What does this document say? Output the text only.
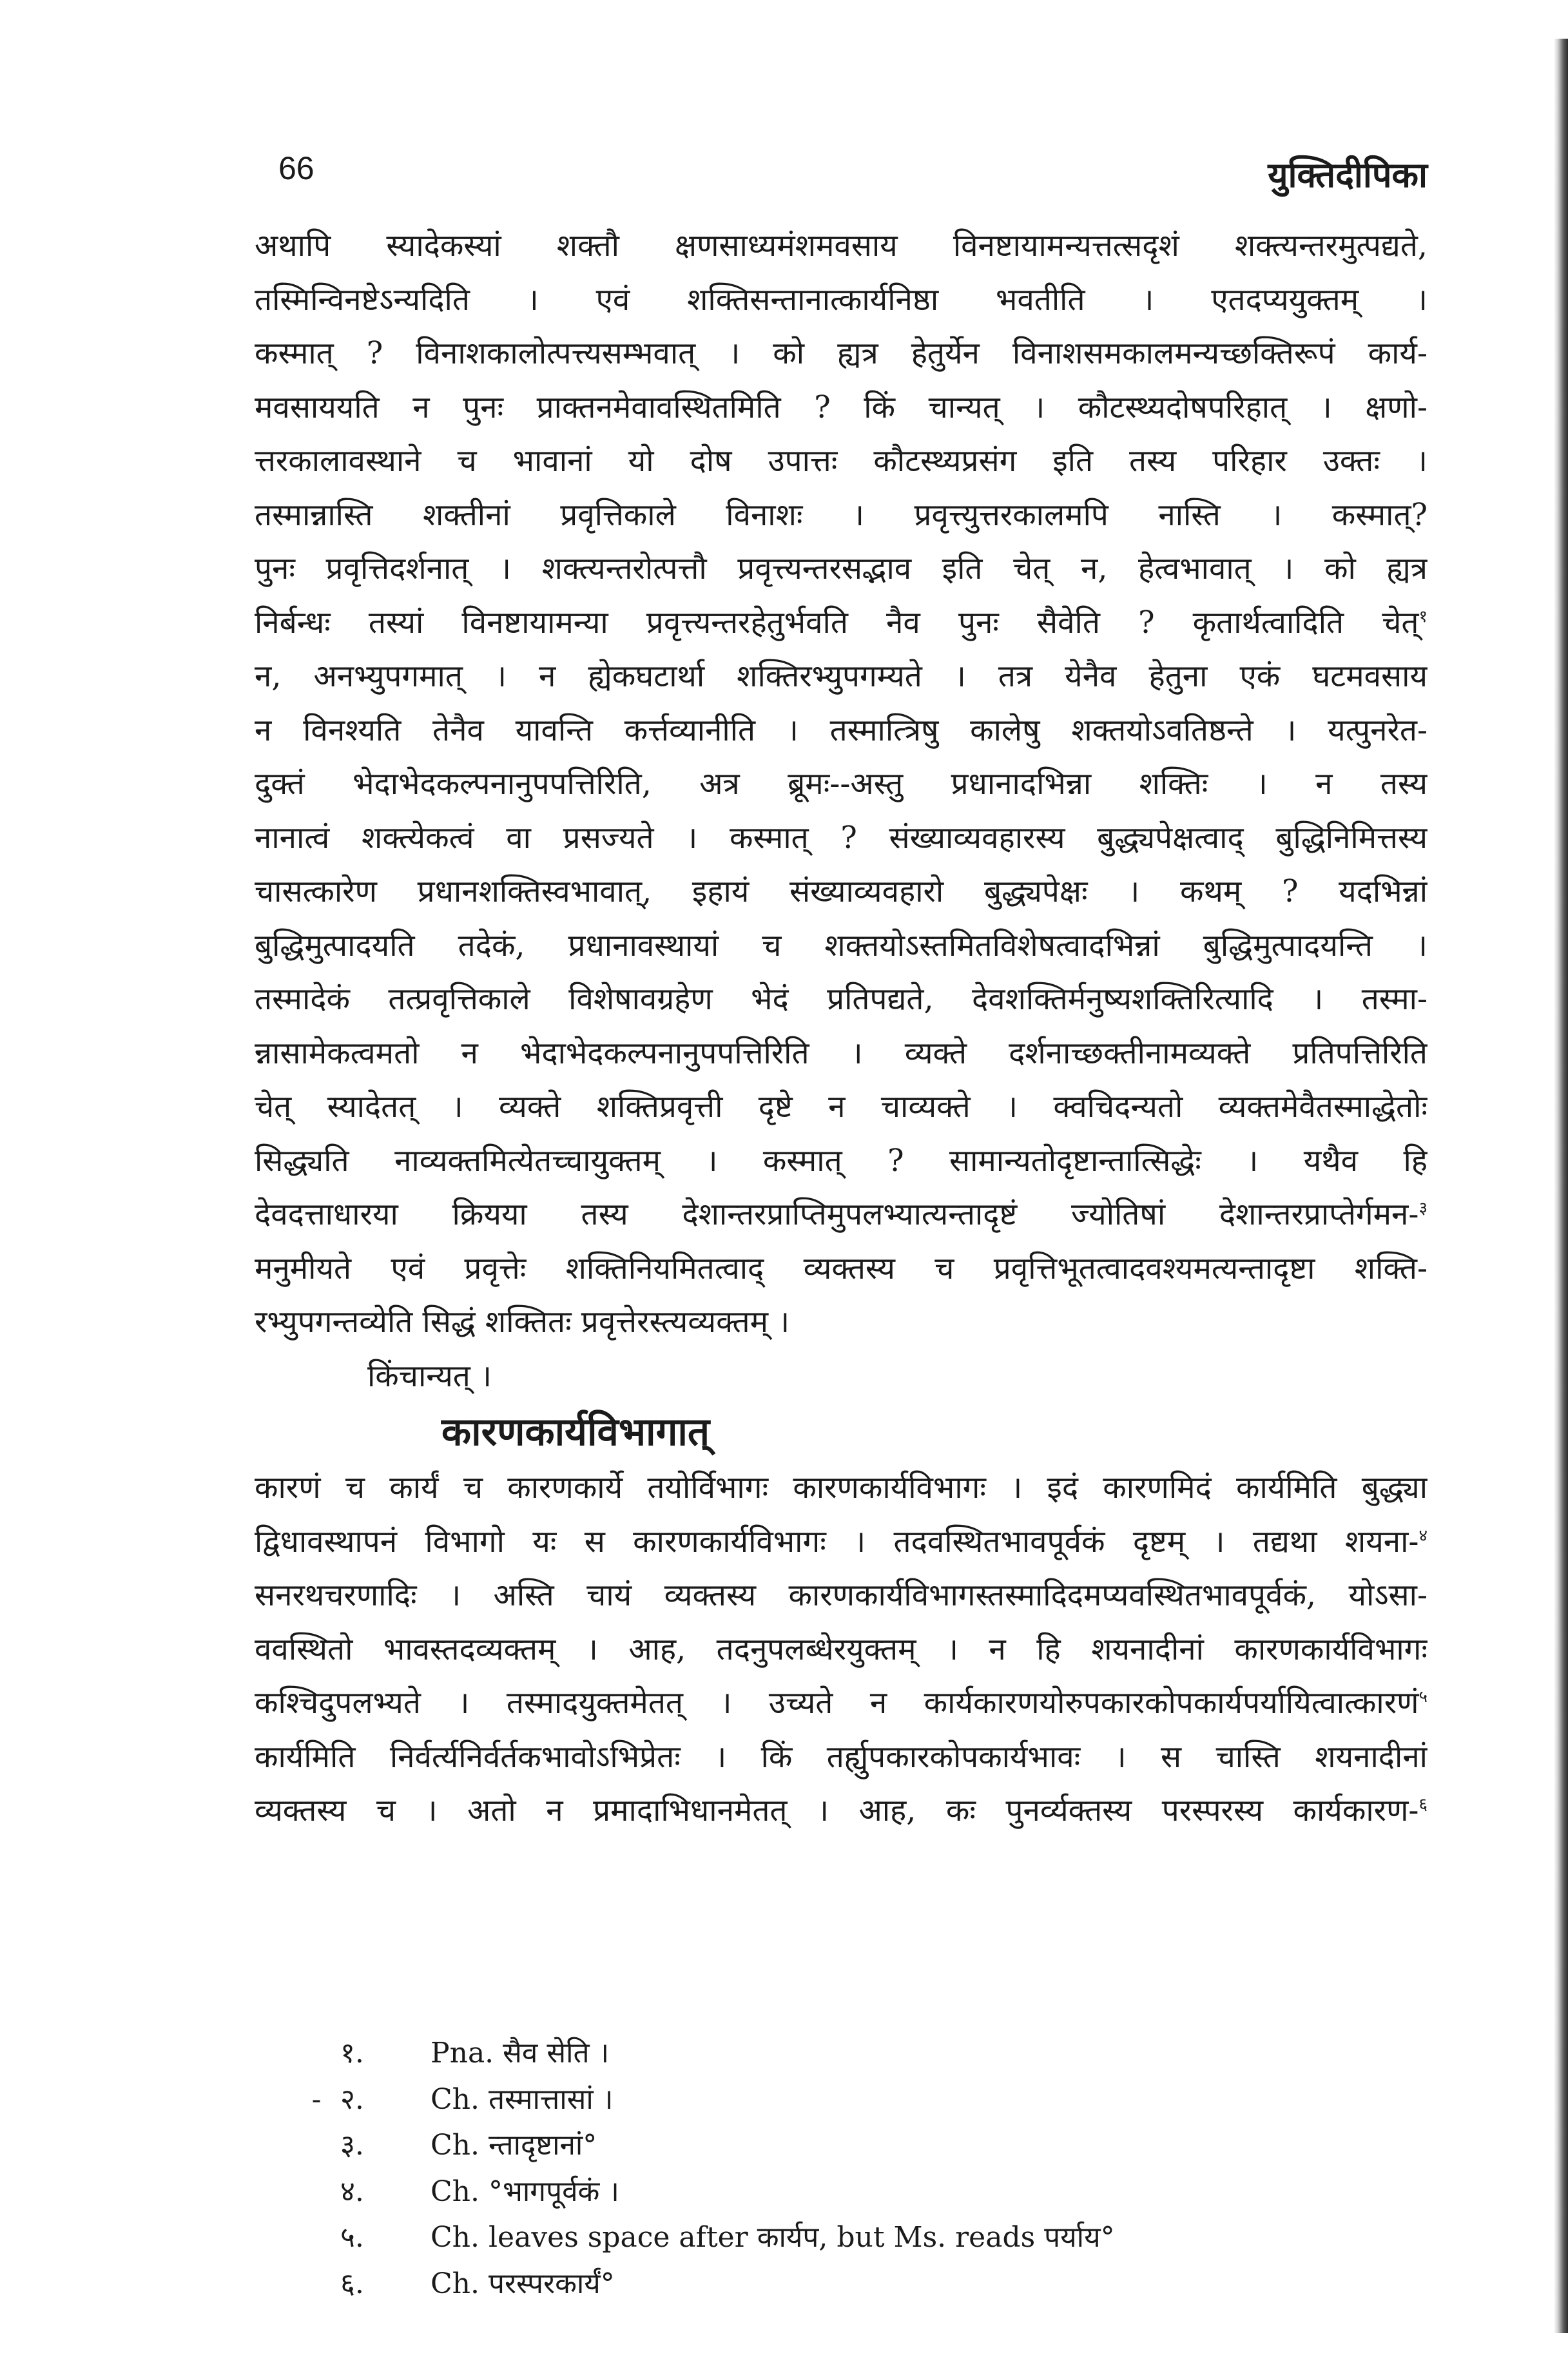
66	युक्तिदीपिका
अथापि स्यादेकस्यां शक्तौ क्षणसाध्यमंशमवसाय विनष्टायामन्यत्तत्सदृशं शक्त्यन्तरमुत्पद्यते,
तस्मिन्विनष्टेऽन्यदिति । एवं शक्तिसन्तानात्कार्यनिष्ठा भवतीति । एतदप्ययुक्तम् ।
कस्मात् ? विनाशकालोत्पत्त्यसम्भवात् । को ह्यत्र हेतुर्येन विनाशसमकालमन्यच्छक्तिरूपं कार्य-
मवसाययति न पुनः प्राक्तनमेवावस्थितमिति ? किं चान्यत् । कौटस्थ्यदोषपरिहात् । क्षणो-
त्तरकालावस्थाने च भावानां यो दोष उपात्तः कौटस्थ्यप्रसंग इति तस्य परिहार उक्तः ।
तस्मान्नास्ति शक्तीनां प्रवृत्तिकाले विनाशः । प्रवृत्त्युत्तरकालमपि नास्ति । कस्मात्?
पुनः प्रवृत्तिदर्शनात् । शक्त्यन्तरोत्पत्तौ प्रवृत्त्यन्तरसद्भाव इति चेत् न, हेत्वभावात् । को ह्यत्र
निर्बन्धः तस्यां विनष्टायामन्या प्रवृत्त्यन्तरहेतुर्भवति नैव पुनः सैवेति ? कृतार्थत्वादिति चेत्$^१$
न, अनभ्युपगमात् । न ह्येकघटार्था शक्तिरभ्युपगम्यते । तत्र येनैव हेतुना एकं घटमवसाय
न विनश्यति तेनैव यावन्ति कर्त्तव्यानीति । तस्मात्त्रिषु कालेषु शक्तयोऽवतिष्ठन्ते । यत्पुनरेत-
दुक्तं भेदाभेदकल्पनानुपपत्तिरिति, अत्र ब्रूमः--अस्तु प्रधानादभिन्ना शक्तिः । न तस्य
नानात्वं शक्त्येकत्वं वा प्रसज्यते । कस्मात् ? संख्याव्यवहारस्य बुद्ध्यपेक्षत्वाद् बुद्धिनिमित्तस्य
चासत्कारेण प्रधानशक्तिस्वभावात्, इहायं संख्याव्यवहारो बुद्ध्यपेक्षः । कथम् ? यदभिन्नां
बुद्धिमुत्पादयति तदेकं, प्रधानावस्थायां च शक्तयोऽस्तमितविशेषत्वादभिन्नां बुद्धिमुत्पादयन्ति ।
तस्मादेकं तत्प्रवृत्तिकाले विशेषावग्रहेण भेदं प्रतिपद्यते, देवशक्तिर्मनुष्यशक्तिरित्यादि । तस्मा-
न्नासामेकत्वमतो न भेदाभेदकल्पनानुपपत्तिरिति । व्यक्ते दर्शनाच्छक्तीनामव्यक्ते प्रतिपत्तिरिति
चेत् स्यादेतत् । व्यक्ते शक्तिप्रवृत्ती दृष्टे न चाव्यक्ते । क्वचिदन्यतो व्यक्तमेवैतस्माद्धेतोः
सिद्ध्यति नाव्यक्तमित्येतच्चायुक्तम् । कस्मात् ? सामान्यतोदृष्टान्तात्सिद्धेः । यथैव हि
देवदत्ताधारया क्रियया तस्य देशान्तरप्राप्तिमुपलभ्यात्यन्तादृष्टं ज्योतिषां देशान्तरप्राप्तेर्गमन-$^३$
मनुमीयते एवं प्रवृत्तेः शक्तिनियमितत्वाद् व्यक्तस्य च प्रवृत्तिभूतत्वादवश्यमत्यन्तादृष्टा शक्ति-
रभ्युपगन्तव्येति सिद्धं शक्तितः प्रवृत्तेरस्त्यव्यक्तम् ।
किंचान्यत् ।
कारणकार्यविभागात्
कारणं च कार्यं च कारणकार्ये तयोर्विभागः कारणकार्यविभागः । इदं कारणमिदं कार्यमिति बुद्ध्या
द्विधावस्थापनं विभागो यः स कारणकार्यविभागः । तदवस्थितभावपूर्वकं दृष्टम् । तद्यथा शयना-$^४$
सनरथचरणादिः । अस्ति चायं व्यक्तस्य कारणकार्यविभागस्तस्मादिदमप्यवस्थितभावपूर्वकं, योऽसा-
ववस्थितो भावस्तदव्यक्तम् । आह, तदनुपलब्धेरयुक्तम् । न हि शयनादीनां कारणकार्यविभागः
कश्चिदुपलभ्यते । तस्मादयुक्तमेतत् । उच्यते न कार्यकारणयोरुपकारकोपकार्यपर्यायित्वात्कारणं$^५$
कार्यमिति निर्वर्त्यनिर्वर्तकभावोऽभिप्रेतः । किं तर्ह्युपकारकोपकार्यभावः । स चास्ति शयनादीनां
व्यक्तस्य च । अतो न प्रमादाभिधानमेतत् । आह, कः पुनर्व्यक्तस्य परस्परस्य कार्यकारण-$^६$
१. Pna. सैव सेति ।
- २. Ch. तस्मात्तासां ।
३. Ch. न्तादृष्टानां°
४. Ch. °भागपूर्वकं ।
५. Ch. leaves space after कार्यप, but Ms. reads पर्याय°
६. Ch. परस्परकार्यं°
